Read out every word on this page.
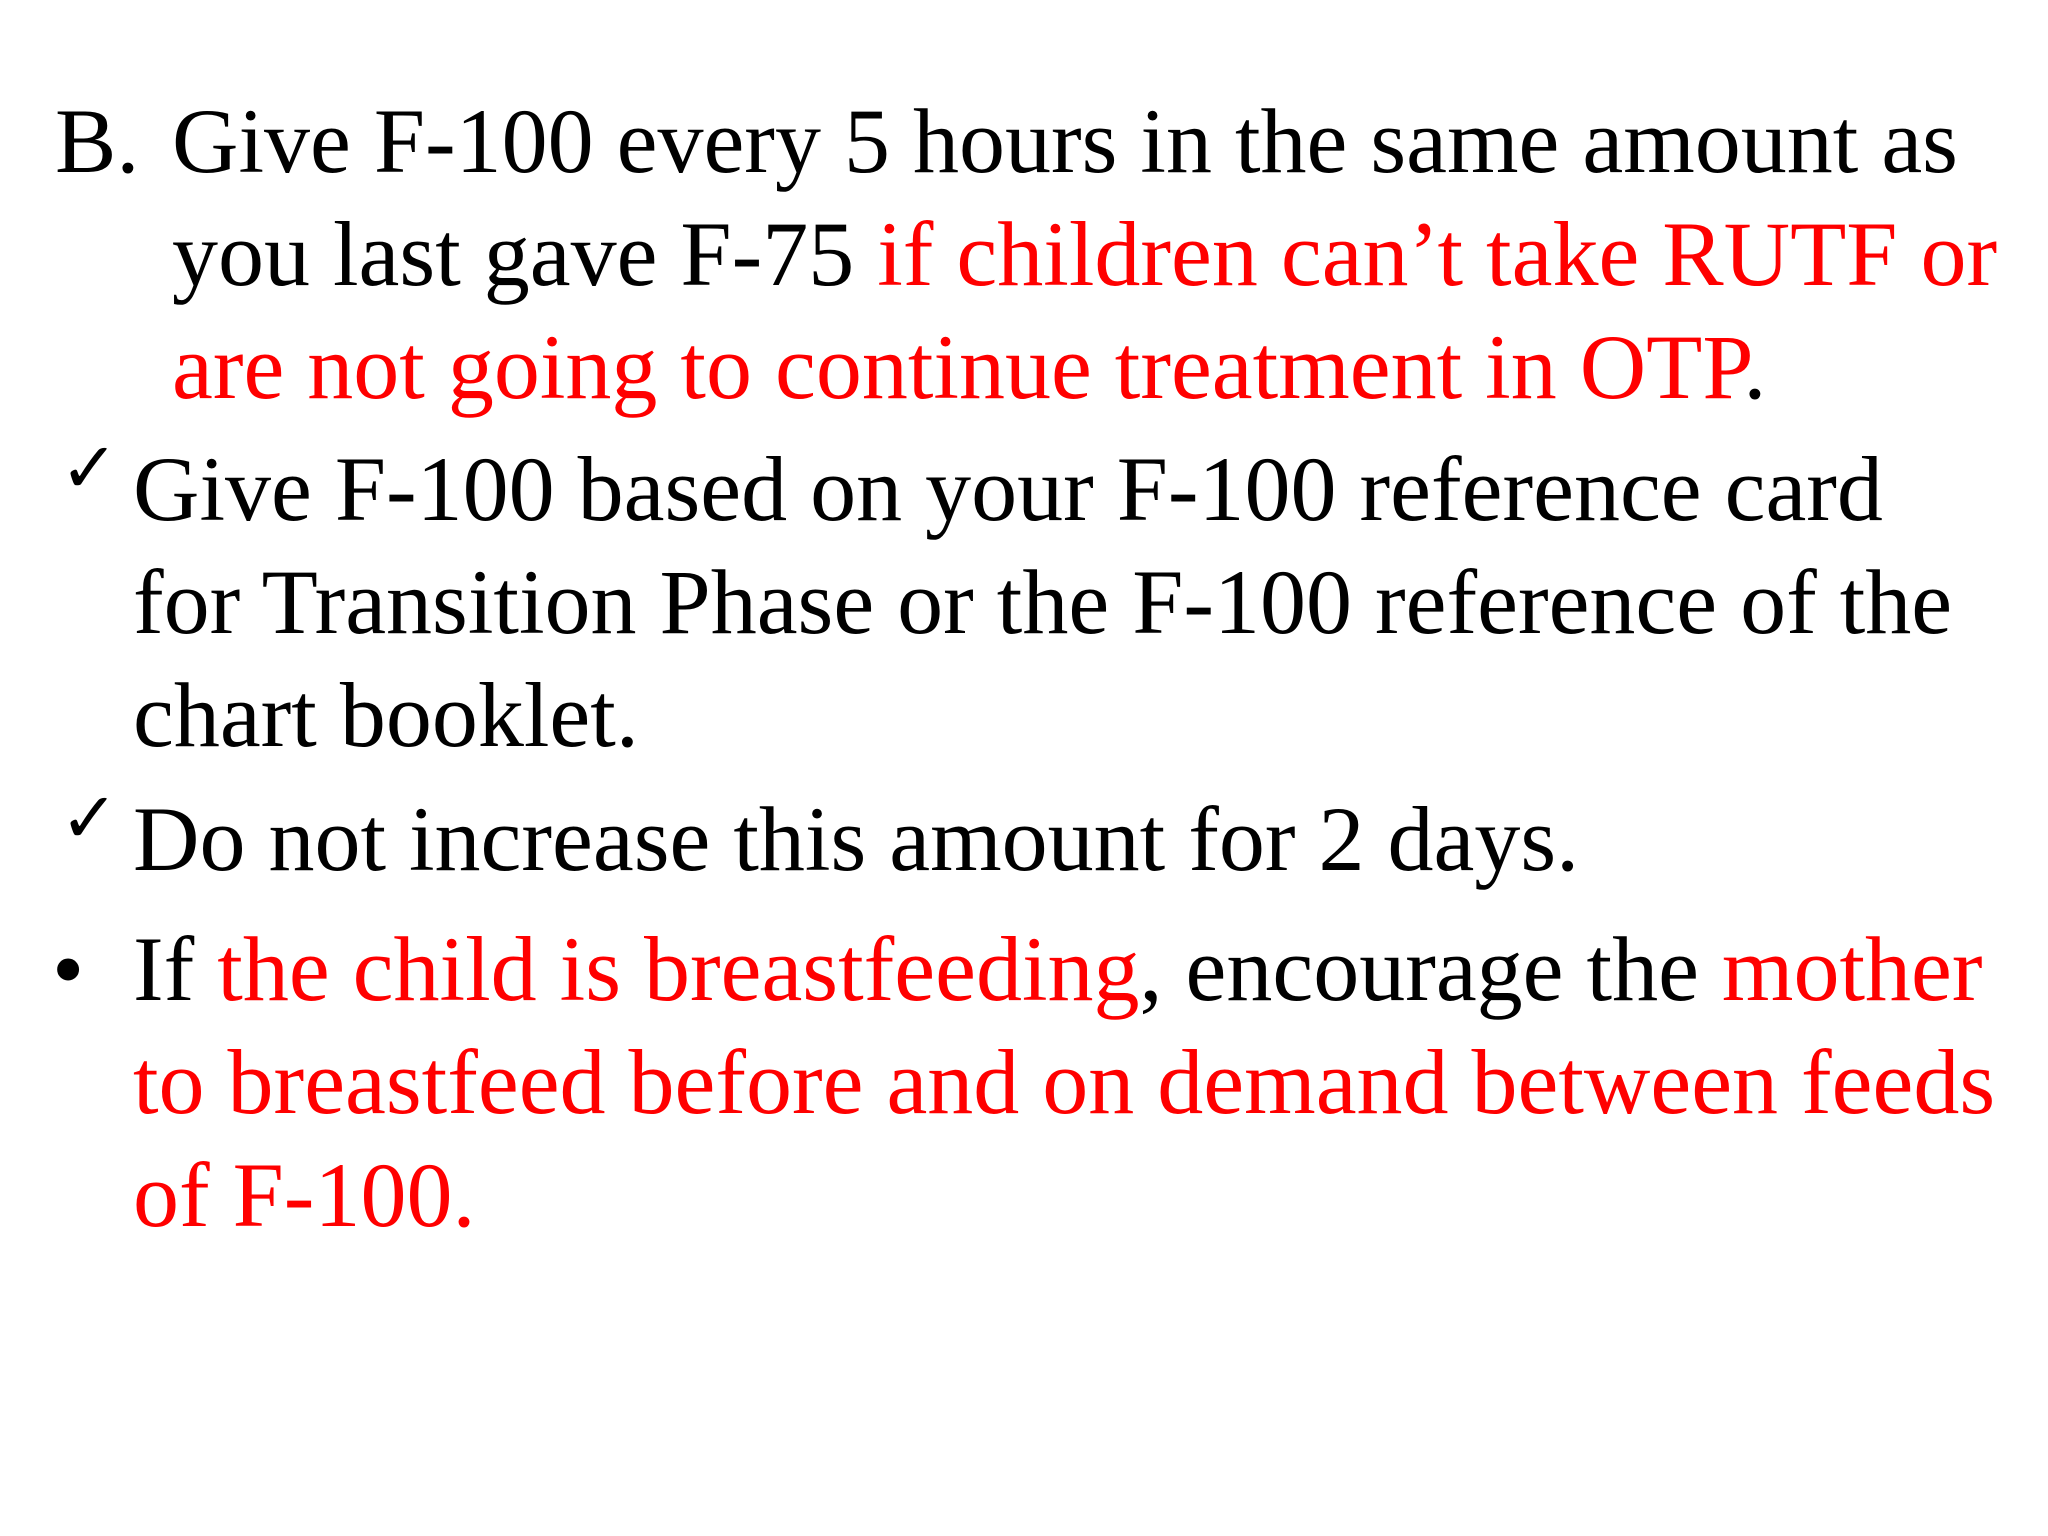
B. Give F-100 every 5 hours in the same amount as
you last gave F-75 if children can’t take RUTF or
are not going to continue treatment in OTP.
✓ Give F-100 based on your F-100 reference card
for Transition Phase or the F-100 reference of the
chart booklet.
✓ Do not increase this amount for 2 days.
• If the child is breastfeeding, encourage the mother
to breastfeed before and on demand between feeds
of F-100.
